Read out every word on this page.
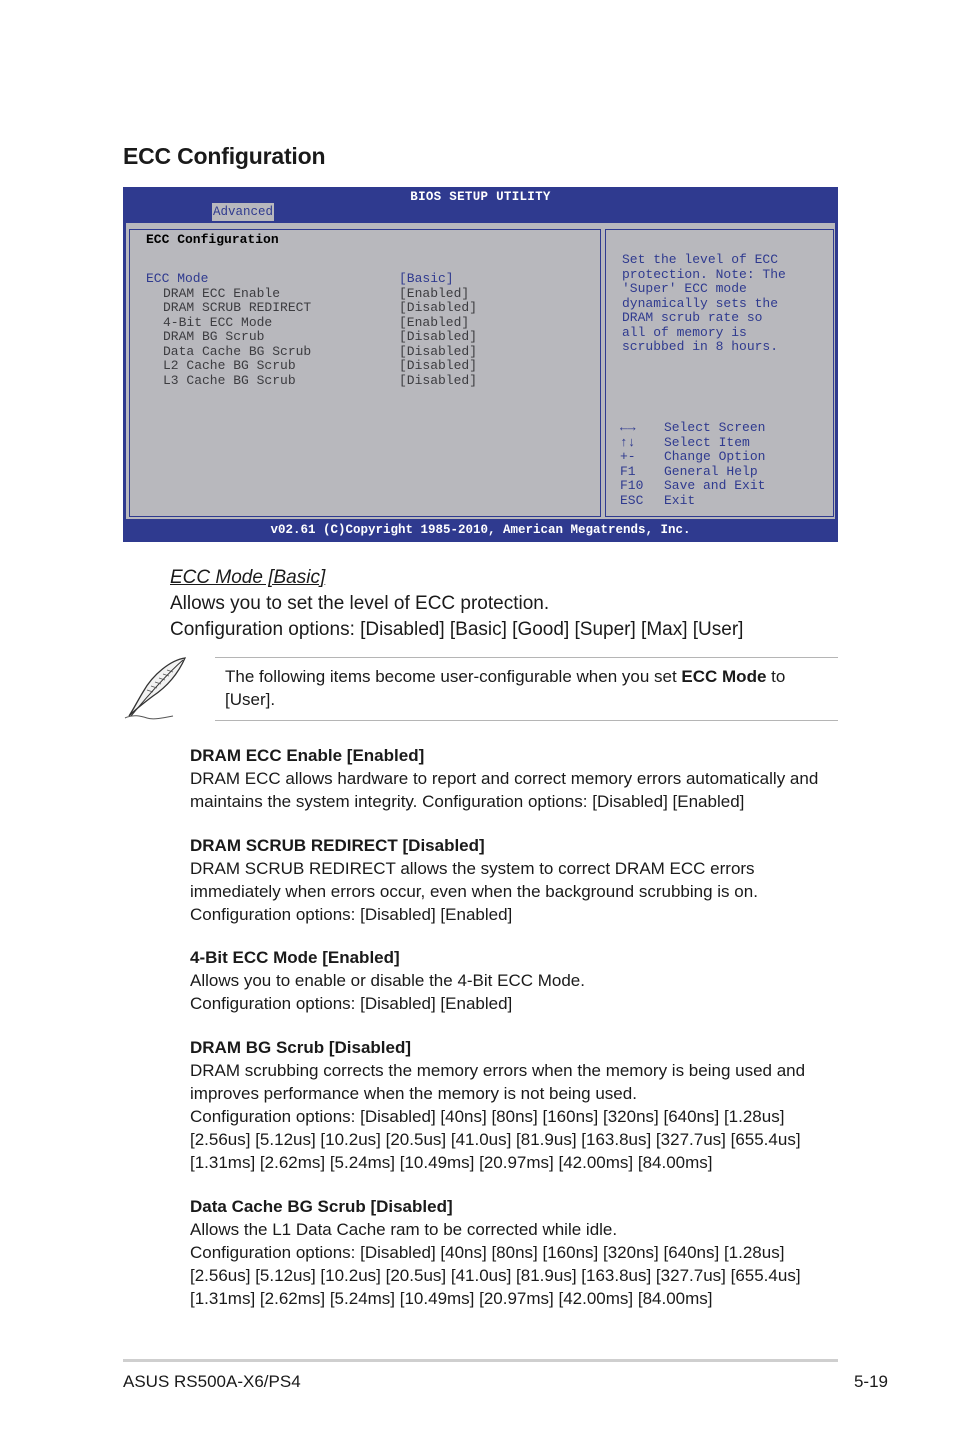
ECC Configuration
BIOS SETUP UTILITY
Advanced
ECC Configuration
ECC Mode	[Basic]
DRAM ECC Enable	[Enabled]
DRAM SCRUB REDIRECT	[Disabled]
4-Bit ECC Mode	[Enabled]
DRAM BG Scrub	[Disabled]
Data Cache BG Scrub	[Disabled]
L2 Cache BG Scrub	[Disabled]
L3 Cache BG Scrub	[Disabled]
Set the level of ECC
protection. Note: The
'Super' ECC mode
dynamically sets the
DRAM scrub rate so
all of memory is
scrubbed in 8 hours.
←→ Select Screen
↑↓ Select Item
+- Change Option
F1 General Help
F10 Save and Exit
ESC Exit
v02.61 (C)Copyright 1985-2010, American Megatrends, Inc.
ECC Mode [Basic]
Allows you to set the level of ECC protection.
Configuration options: [Disabled] [Basic] [Good] [Super] [Max] [User]
The following items become user-configurable when you set ECC Mode to
[User].
DRAM ECC Enable [Enabled]
DRAM ECC allows hardware to report and correct memory errors automatically and
maintains the system integrity. Configuration options: [Disabled] [Enabled]
DRAM SCRUB REDIRECT [Disabled]
DRAM SCRUB REDIRECT allows the system to correct DRAM ECC errors
immediately when errors occur, even when the background scrubbing is on.
Configuration options: [Disabled] [Enabled]
4-Bit ECC Mode [Enabled]
Allows you to enable or disable the 4-Bit ECC Mode.
Configuration options: [Disabled] [Enabled]
DRAM BG Scrub [Disabled]
DRAM scrubbing corrects the memory errors when the memory is being used and
improves performance when the memory is not being used.
Configuration options: [Disabled] [40ns] [80ns] [160ns] [320ns] [640ns] [1.28us]
[2.56us] [5.12us] [10.2us] [20.5us] [41.0us] [81.9us] [163.8us] [327.7us] [655.4us]
[1.31ms] [2.62ms] [5.24ms] [10.49ms] [20.97ms] [42.00ms] [84.00ms]
Data Cache BG Scrub [Disabled]
Allows the L1 Data Cache ram to be corrected while idle.
Configuration options: [Disabled] [40ns] [80ns] [160ns] [320ns] [640ns] [1.28us]
[2.56us] [5.12us] [10.2us] [20.5us] [41.0us] [81.9us] [163.8us] [327.7us] [655.4us]
[1.31ms] [2.62ms] [5.24ms] [10.49ms] [20.97ms] [42.00ms] [84.00ms]
ASUS RS500A-X6/PS4	5-19
